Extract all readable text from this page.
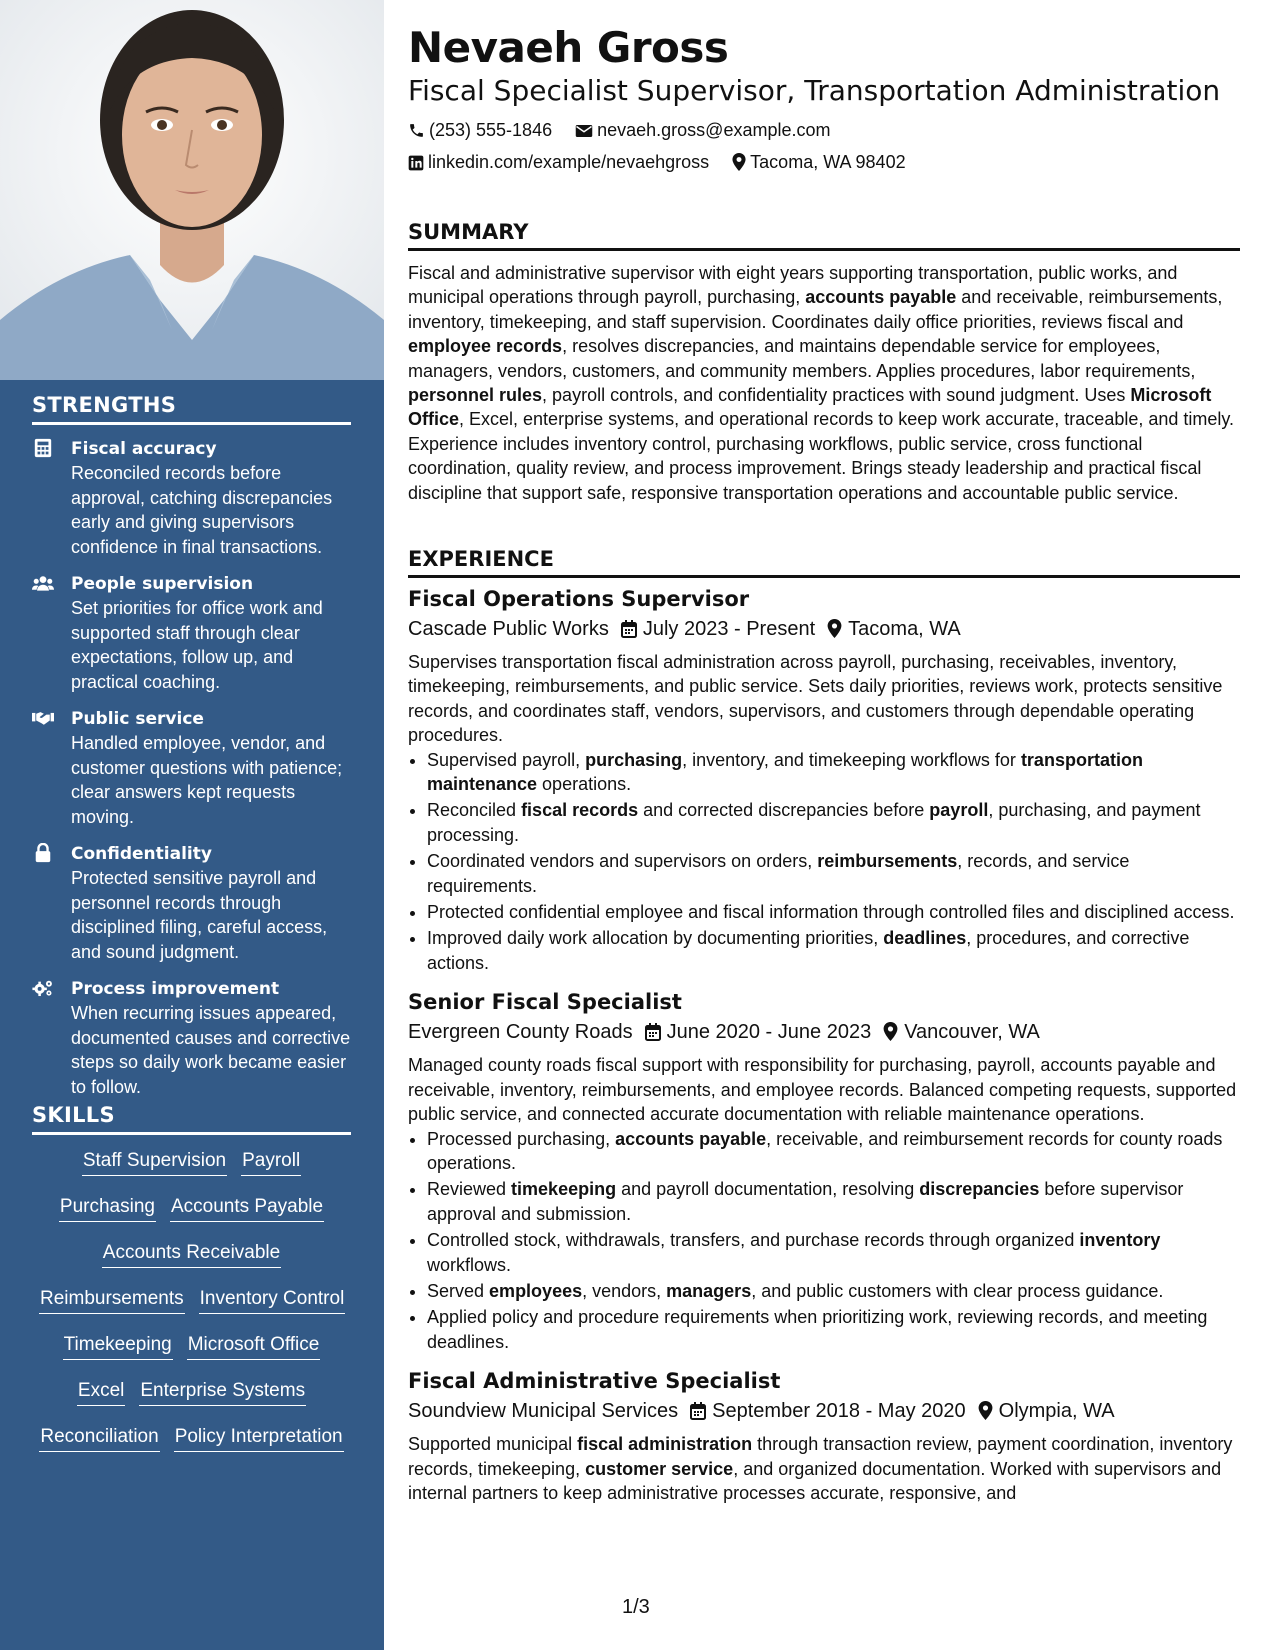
STRENGTHS
Fiscal accuracy
Reconciled records before approval, catching discrepancies early and giving supervisors confidence in final transactions.
People supervision
Set priorities for office work and supported staff through clear expectations, follow up, and practical coaching.
Public service
Handled employee, vendor, and customer questions with patience; clear answers kept requests moving.
Confidentiality
Protected sensitive payroll and personnel records through disciplined filing, careful access, and sound judgment.
Process improvement
When recurring issues appeared, documented causes and corrective steps so daily work became easier to follow.
SKILLS
Staff Supervision Payroll
Purchasing Accounts Payable
Accounts Receivable
Reimbursements Inventory Control
Timekeeping Microsoft Office
Excel Enterprise Systems
Reconciliation Policy Interpretation
Nevaeh Gross
Fiscal Specialist Supervisor, Transportation Administration
(253) 555-1846	nevaeh.gross@example.com
linkedin.com/example/nevaehgross Tacoma, WA 98402
SUMMARY

Fiscal and administrative supervisor with eight years supporting transportation, public works, and municipal operations through payroll, purchasing, accounts payable and receivable, reimbursements, inventory, timekeeping, and staff supervision. Coordinates daily office priorities, reviews fiscal and employee records, resolves discrepancies, and maintains dependable service for employees, managers, vendors, customers, and community members. Applies procedures, labor requirements, personnel rules, payroll controls, and confidentiality practices with sound judgment. Uses Microsoft Office, Excel, enterprise systems, and operational records to keep work accurate, traceable, and timely. Experience includes inventory control, purchasing workflows, public service, cross functional coordination, quality review, and process improvement. Brings steady leadership and practical fiscal discipline that support safe, responsive transportation operations and accountable public service.

EXPERIENCE
Fiscal Operations Supervisor
Cascade Public Works July 2023 - Present Tacoma, WA

Supervises transportation fiscal administration across payroll, purchasing, receivables, inventory, timekeeping, reimbursements, and public service. Sets daily priorities, reviews work, protects sensitive records, and coordinates staff, vendors, supervisors, and customers through dependable operating procedures.

• Supervised payroll, purchasing, inventory, and timekeeping workflows for transportation maintenance operations.
• Reconciled fiscal records and corrected discrepancies before payroll, purchasing, and payment processing.
• Coordinated vendors and supervisors on orders, reimbursements, records, and service requirements.
• Protected confidential employee and fiscal information through controlled files and disciplined access.
• Improved daily work allocation by documenting priorities, deadlines, procedures, and corrective actions.
Senior Fiscal Specialist
Evergreen County Roads June 2020 - June 2023 Vancouver, WA

Managed county roads fiscal support with responsibility for purchasing, payroll, accounts payable and receivable, inventory, reimbursements, and employee records. Balanced competing requests, supported public service, and connected accurate documentation with reliable maintenance operations.

• Processed purchasing, accounts payable, receivable, and reimbursement records for county roads operations.
• Reviewed timekeeping and payroll documentation, resolving discrepancies before supervisor approval and submission.
• Controlled stock, withdrawals, transfers, and purchase records through organized inventory workflows.
• Served employees, vendors, managers, and public customers with clear process guidance.
• Applied policy and procedure requirements when prioritizing work, reviewing records, and meeting deadlines.
Fiscal Administrative Specialist
Soundview Municipal Services September 2018 - May 2020 Olympia, WA

Supported municipal fiscal administration through transaction review, payment coordination, inventory records, timekeeping, customer service, and organized documentation. Worked with supervisors and internal partners to keep administrative processes accurate, responsive, and

1/3
